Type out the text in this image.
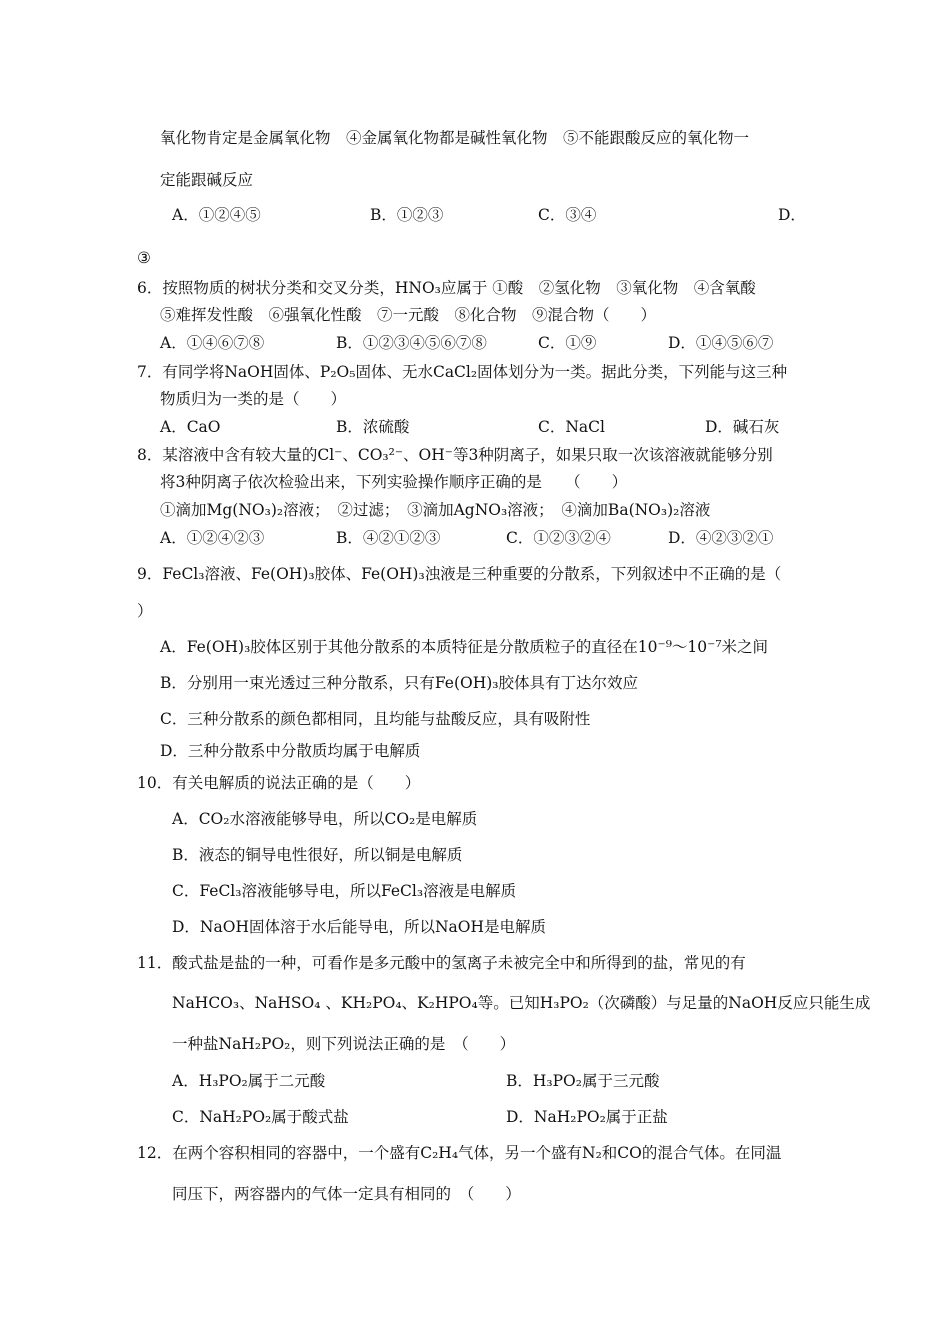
氧化物肯定是金属氧化物　④金属氧化物都是碱性氧化物　⑤不能跟酸反应的氧化物一
定能跟碱反应
A．①②④⑤	B．①②③	C．③④	D．
③
6．按照物质的树状分类和交叉分类，HNO₃应属于 ①酸　②氢化物　③氧化物　④含氧酸
⑤难挥发性酸　⑥强氧化性酸　⑦一元酸　⑧化合物　⑨混合物（　　）
A．①④⑥⑦⑧	B．①②③④⑤⑥⑦⑧	C．①⑨	D．①④⑤⑥⑦
7．有同学将NaOH固体、P₂O₅固体、无水CaCl₂固体划分为一类。据此分类，下列能与这三种
物质归为一类的是（　　）
A．CaO	B．浓硫酸	C．NaCl	D．碱石灰
8．某溶液中含有较大量的Cl⁻、CO₃²⁻、OH⁻等3种阴离子，如果只取一次该溶液就能够分别
将3种阴离子依次检验出来，下列实验操作顺序正确的是　　（　　）
①滴加Mg(NO₃)₂溶液；　②过滤；　③滴加AgNO₃溶液；　④滴加Ba(NO₃)₂溶液
A．①②④②③	B．④②①②③	C．①②③②④	D．④②③②①
9．FeCl₃溶液、Fe(OH)₃胶体、Fe(OH)₃浊液是三种重要的分散系，下列叙述中不正确的是（
）
A．Fe(OH)₃胶体区别于其他分散系的本质特征是分散质粒子的直径在10⁻⁹～10⁻⁷米之间
B．分别用一束光透过三种分散系，只有Fe(OH)₃胶体具有丁达尔效应
C．三种分散系的颜色都相同，且均能与盐酸反应，具有吸附性
D．三种分散系中分散质均属于电解质
10．有关电解质的说法正确的是（　　）
A．CO₂水溶液能够导电，所以CO₂是电解质
B．液态的铜导电性很好，所以铜是电解质
C．FeCl₃溶液能够导电，所以FeCl₃溶液是电解质
D．NaOH固体溶于水后能导电，所以NaOH是电解质
11．酸式盐是盐的一种，可看作是多元酸中的氢离子未被完全中和所得到的盐，常见的有
NaHCO₃、NaHSO₄ 、KH₂PO₄、K₂HPO₄等。已知H₃PO₂（次磷酸）与足量的NaOH反应只能生成
一种盐NaH₂PO₂，则下列说法正确的是　（　　）
A．H₃PO₂属于二元酸	B．H₃PO₂属于三元酸
C．NaH₂PO₂属于酸式盐	D．NaH₂PO₂属于正盐
12．在两个容积相同的容器中，一个盛有C₂H₄气体，另一个盛有N₂和CO的混合气体。在同温
同压下，两容器内的气体一定具有相同的　（　　）
